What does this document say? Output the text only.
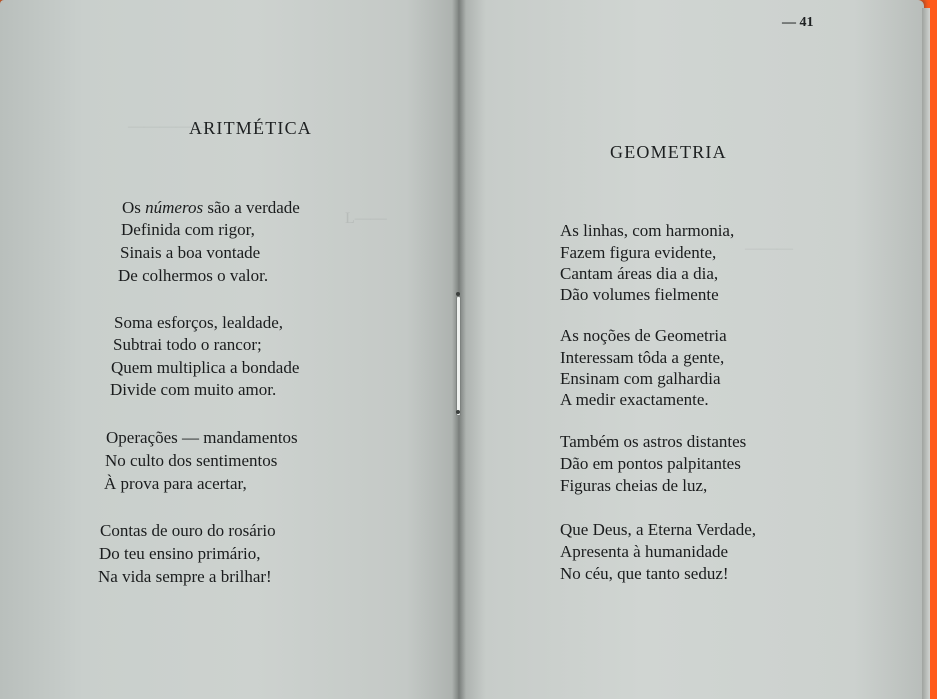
—————
L——
———
— 41
ARITMÉTICA
Os números são a verdade
Definida com rigor,
Sinais a boa vontade
De colhermos o valor.
Soma esforços, lealdade,
Subtrai todo o rancor;
Quem multiplica a bondade
Divide com muito amor.
Operações — mandamentos
No culto dos sentimentos
À prova para acertar,
Contas de ouro do rosário
Do teu ensino primário,
Na vida sempre a brilhar!
GEOMETRIA
As linhas, com harmonia,
Fazem figura evidente,
Cantam áreas dia a dia,
Dão volumes fielmente
As noções de Geometria
Interessam tôda a gente,
Ensinam com galhardia
A medir exactamente.
Também os astros distantes
Dão em pontos palpitantes
Figuras cheias de luz,
Que Deus, a Eterna Verdade,
Apresenta à humanidade
No céu, que tanto seduz!
